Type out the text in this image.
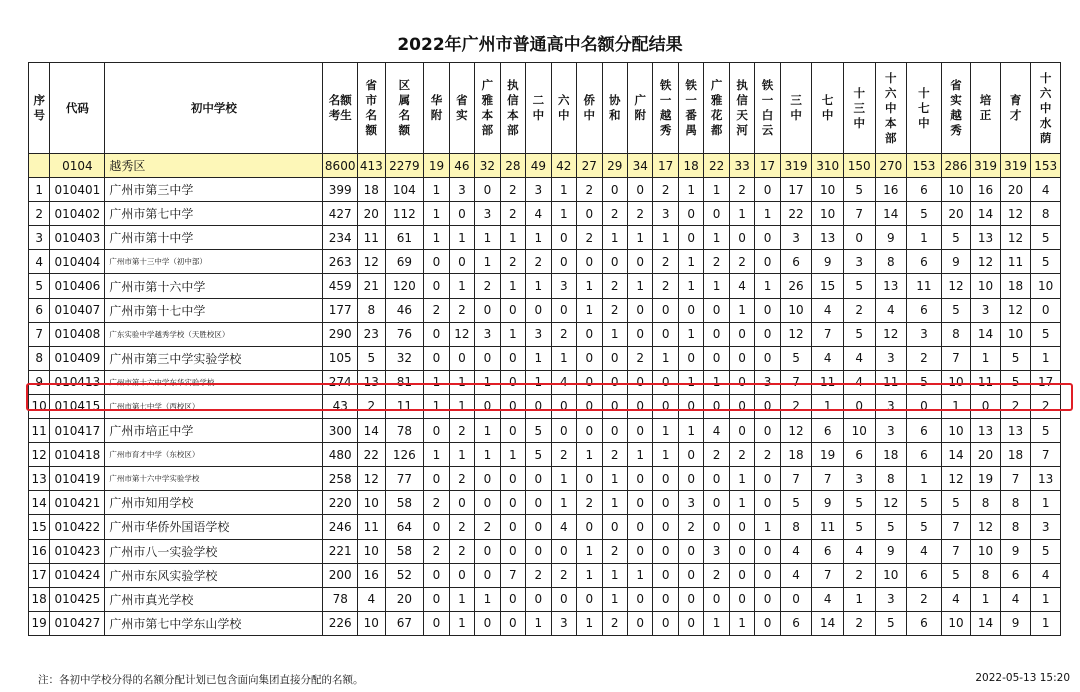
2022年广州市普通高中名额分配结果
序号	代码	初中学校	名额考生	省市名额	区属名额	华附	省实	广雅本部	执信本部	二中	六中	侨中	协和	广附	铁一越秀	铁一番禺	广雅花都	执信天河	铁一白云	三中	七中	十三中	十六中本部	十七中	省实越秀	培正	育才	十六中水荫
	0104	越秀区	8600	413	2279	19	46	32	28	49	42	27	29	34	17	18	22	33	17	319	310	150	270	153	286	319	319	153
1	010401	广州市第三中学	399	18	104	1	3	0	2	3	1	2	0	0	2	1	1	2	0	17	10	5	16	6	10	16	20	4
2	010402	广州市第七中学	427	20	112	1	0	3	2	4	1	0	2	2	3	0	0	1	1	22	10	7	14	5	20	14	12	8
3	010403	广州市第十中学	234	11	61	1	1	1	1	1	0	2	1	1	1	0	1	0	0	3	13	0	9	1	5	13	12	5
4	010404	广州市第十三中学（初中部）	263	12	69	0	0	1	2	2	0	0	0	0	2	1	2	2	0	6	9	3	8	6	9	12	11	5
5	010406	广州市第十六中学	459	21	120	0	1	2	1	1	3	1	2	1	2	1	1	4	1	26	15	5	13	11	12	10	18	10
6	010407	广州市第十七中学	177	8	46	2	2	0	0	0	0	1	2	0	0	0	0	1	0	10	4	2	4	6	5	3	12	0
7	010408	广东实验中学越秀学校（天胜校区）	290	23	76	0	12	3	1	3	2	0	1	0	0	1	0	0	0	12	7	5	12	3	8	14	10	5
8	010409	广州市第三中学实验学校	105	5	32	0	0	0	0	1	1	0	0	2	1	0	0	0	0	5	4	4	3	2	7	1	5	1
9	010413	广州市第十六中学东华实验学校	274	13	81	1	1	1	0	1	4	0	0	0	0	1	1	0	3	7	11	4	11	5	10	11	5	17
10	010415	广州市第七中学（西校区）	43	2	11	1	1	0	0	0	0	0	0	0	0	0	0	0	0	2	1	0	3	0	1	0	2	2
11	010417	广州市培正中学	300	14	78	0	2	1	0	5	0	0	0	0	1	1	4	0	0	12	6	10	3	6	10	13	13	5
12	010418	广州市育才中学（东校区）	480	22	126	1	1	1	1	5	2	1	2	1	1	0	2	2	2	18	19	6	18	6	14	20	18	7
13	010419	广州市第十六中学实验学校	258	12	77	0	2	0	0	0	1	0	1	0	0	0	0	1	0	7	7	3	8	1	12	19	7	13
14	010421	广州市知用学校	220	10	58	2	0	0	0	0	1	2	1	0	0	3	0	1	0	5	9	5	12	5	5	8	8	1
15	010422	广州市华侨外国语学校	246	11	64	0	2	2	0	0	4	0	0	0	0	2	0	0	1	8	11	5	5	5	7	12	8	3
16	010423	广州市八一实验学校	221	10	58	2	2	0	0	0	0	1	2	0	0	0	3	0	0	4	6	4	9	4	7	10	9	5
17	010424	广州市东风实验学校	200	16	52	0	0	0	7	2	2	1	1	1	0	0	2	0	0	4	7	2	10	6	5	8	6	4
18	010425	广州市真光学校	78	4	20	0	1	1	0	0	0	0	1	0	0	0	0	0	0	0	4	1	3	2	4	1	4	1
19	010427	广州市第七中学东山学校	226	10	67	0	1	0	0	1	3	1	2	0	0	0	1	1	0	6	14	2	5	6	10	14	9	1
注：各初中学校分得的名额分配计划已包含面向集团直接分配的名额。	2022-05-13 15:20
